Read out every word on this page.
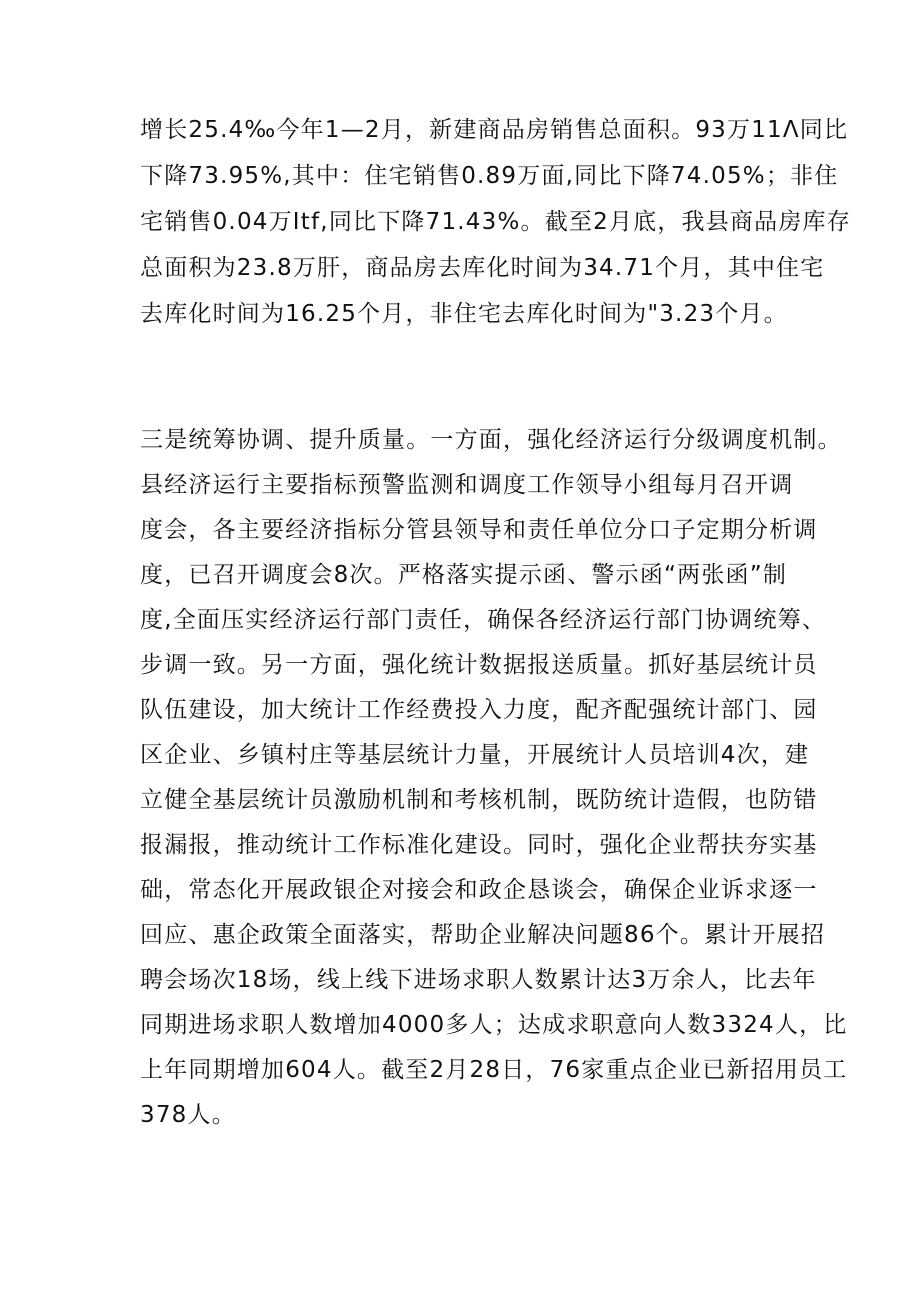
增长25.4‰今年1—2月，新建商品房销售总面积。93万11Λ同比
下降73.95%,其中：住宅销售0.89万面,同比下降74.05%；非住
宅销售0.04万Itf,同比下降71.43%。截至2月底，我县商品房库存
总面积为23.8万肝，商品房去库化时间为34.71个月，其中住宅
去库化时间为16.25个月，非住宅去库化时间为"3.23个月。
三是统筹协调、提升质量。一方面，强化经济运行分级调度机制。
县经济运行主要指标预警监测和调度工作领导小组每月召开调
度会，各主要经济指标分管县领导和责任单位分口子定期分析调
度，已召开调度会8次。严格落实提示函、警示函“两张函”制
度,全面压实经济运行部门责任，确保各经济运行部门协调统筹、
步调一致。另一方面，强化统计数据报送质量。抓好基层统计员
队伍建设，加大统计工作经费投入力度，配齐配强统计部门、园
区企业、乡镇村庄等基层统计力量，开展统计人员培训4次，建
立健全基层统计员激励机制和考核机制，既防统计造假，也防错
报漏报，推动统计工作标准化建设。同时，强化企业帮扶夯实基
础，常态化开展政银企对接会和政企恳谈会，确保企业诉求逐一
回应、惠企政策全面落实，帮助企业解决问题86个。累计开展招
聘会场次18场，线上线下进场求职人数累计达3万余人，比去年
同期进场求职人数增加4000多人；达成求职意向人数3324人，比
上年同期增加604人。截至2月28日，76家重点企业已新招用员工
378人。
